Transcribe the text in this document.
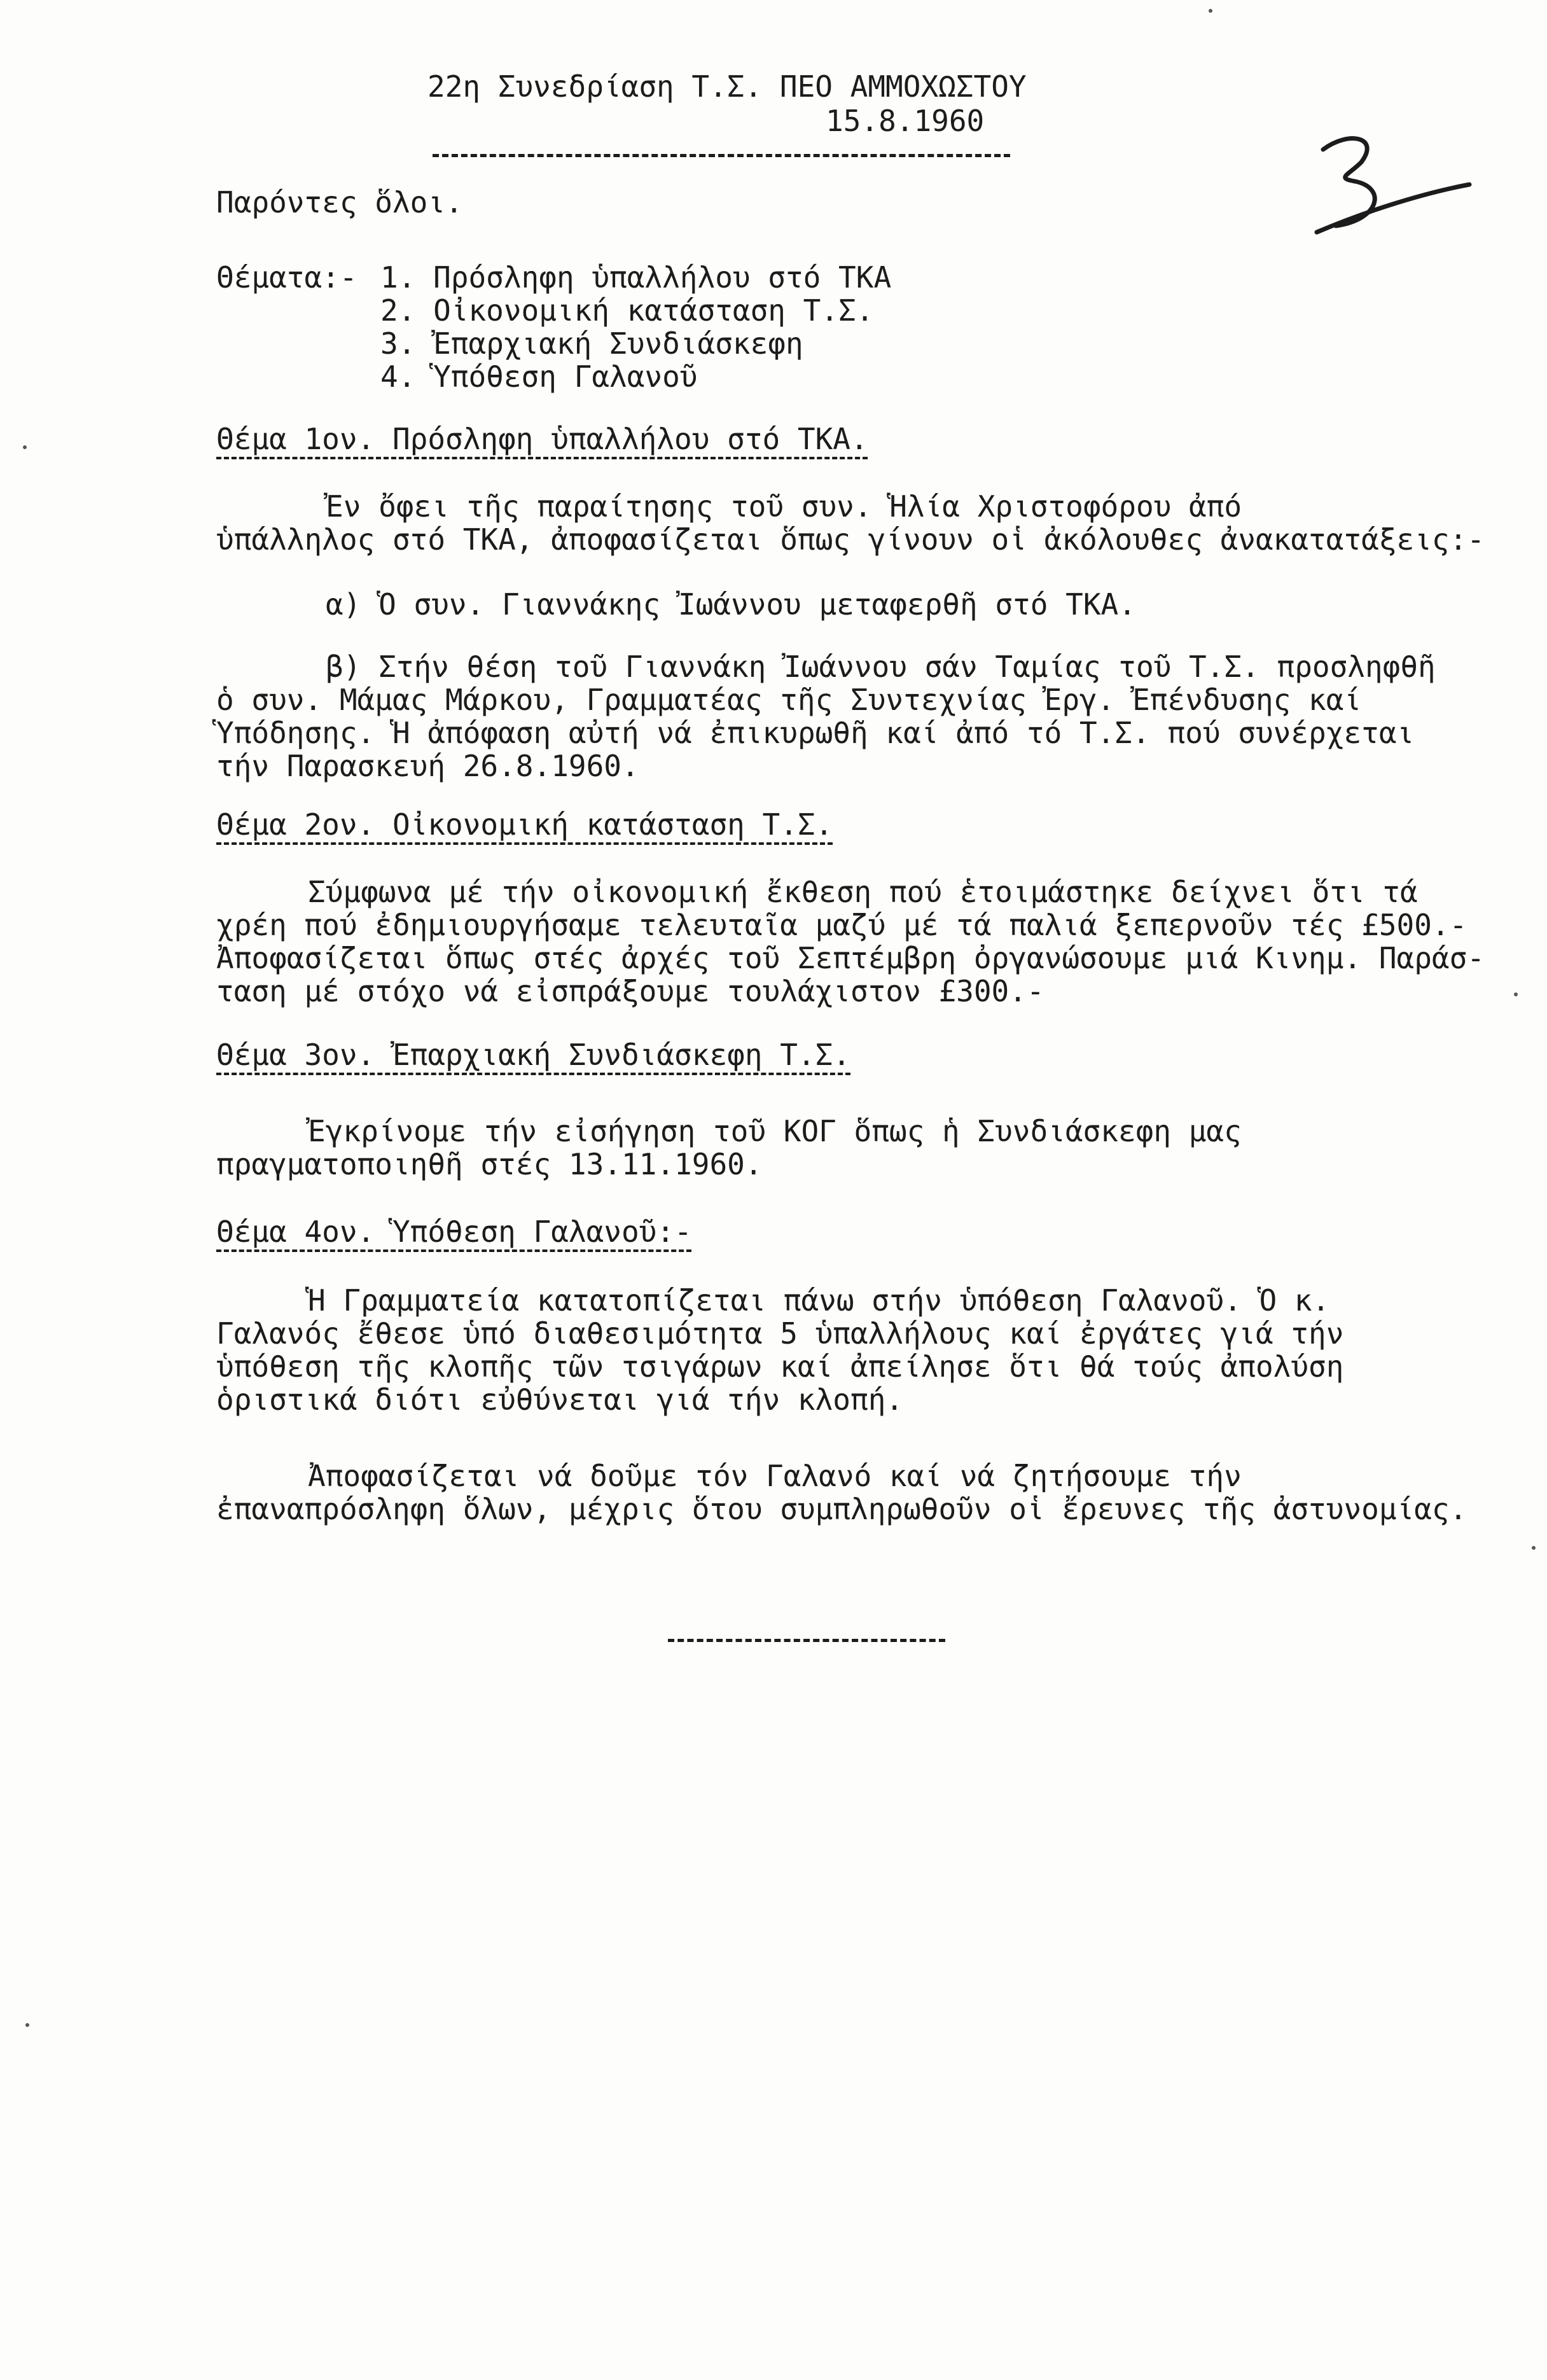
22η Συνεδρίαση Τ.Σ. ΠΕΟ ΑΜΜΟΧΩΣΤΟΥ
15.8.1960
Παρόντες ὅλοι.
Θέματα:- 1. Πρόσληφη ὑπαλλήλου στό ΤΚΑ
2. Οἰκονομική κατάσταση Τ.Σ.
3. Ἐπαρχιακή Συνδιάσκεφη
4. Ὑπόθεση Γαλανοῦ
Θέμα 1ον. Πρόσληφη ὑπαλλήλου στό ΤΚΑ.
Ἐν ὄφει τῆς παραίτησης τοῦ συν. Ἡλία Χριστοφόρου ἀπό
ὑπάλληλος στό ΤΚΑ, ἀποφασίζεται ὅπως γίνουν οἱ ἀκόλουθες ἀνακατατάξεις:-
α) Ὁ συν. Γιαννάκης Ἰωάννου μεταφερθῆ στό ΤΚΑ.
β) Στήν θέση τοῦ Γιαννάκη Ἰωάννου σάν Ταμίας τοῦ Τ.Σ. προσληφθῆ
ὁ συν. Μάμας Μάρκου, Γραμματέας τῆς Συντεχνίας Ἐργ. Ἐπένδυσης καί
Ὑπόδησης. Ἡ ἀπόφαση αὐτή νά ἐπικυρωθῆ καί ἀπό τό Τ.Σ. πού συνέρχεται
τήν Παρασκευή 26.8.1960.
Θέμα 2ον. Οἰκονομική κατάσταση Τ.Σ.
Σύμφωνα μέ τήν οἰκονομική ἔκθεση πού ἑτοιμάστηκε δείχνει ὅτι τά
χρέη πού ἐδημιουργήσαμε τελευταῖα μαζύ μέ τά παλιά ξεπερνοῦν τές £500.-
Ἀποφασίζεται ὅπως στές ἀρχές τοῦ Σεπτέμβρη ὀργανώσουμε μιά Κινημ. Παράσ-
ταση μέ στόχο νά εἰσπράξουμε τουλάχιστον £300.-
Θέμα 3ον. Ἐπαρχιακή Συνδιάσκεφη Τ.Σ.
Ἐγκρίνομε τήν εἰσήγηση τοῦ ΚΟΓ ὅπως ἡ Συνδιάσκεφη μας
πραγματοποιηθῆ στές 13.11.1960.
Θέμα 4ον. Ὑπόθεση Γαλανοῦ:-
Ἡ Γραμματεία κατατοπίζεται πάνω στήν ὑπόθεση Γαλανοῦ. Ὁ κ.
Γαλανός ἔθεσε ὑπό διαθεσιμότητα 5 ὑπαλλήλους καί ἐργάτες γιά τήν
ὑπόθεση τῆς κλοπῆς τῶν τσιγάρων καί ἀπείλησε ὅτι θά τούς ἀπολύση
ὁριστικά διότι εὐθύνεται γιά τήν κλοπή.
Ἀποφασίζεται νά δοῦμε τόν Γαλανό καί νά ζητήσουμε τήν
ἐπαναπρόσληφη ὅλων, μέχρις ὅτου συμπληρωθοῦν οἱ ἔρευνες τῆς ἀστυνομίας.
